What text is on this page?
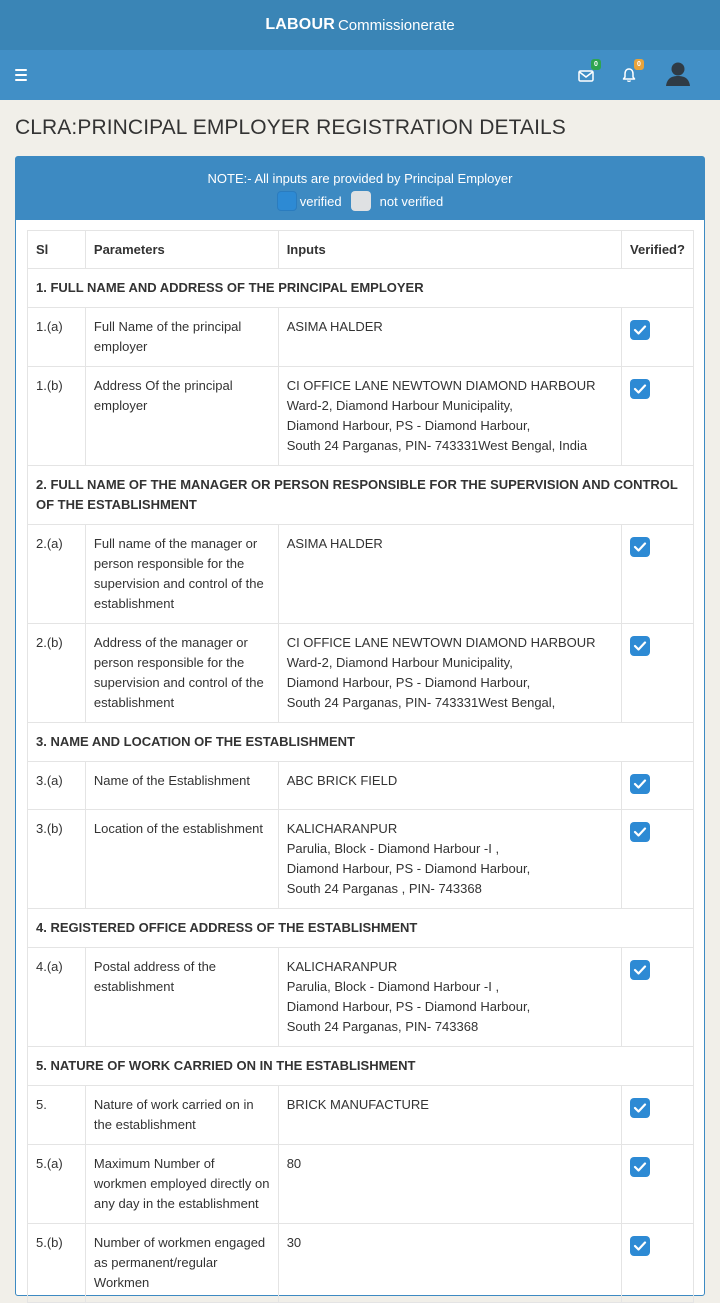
LABOUR Commissionerate
0	0
CLRA:PRINCIPAL EMPLOYER REGISTRATION DETAILS
NOTE:- All inputs are provided by Principal Employer
verified	not verified
Sl	Parameters	Inputs	Verified?
1. FULL NAME AND ADDRESS OF THE PRINCIPAL EMPLOYER			
1.(a)	Full Name of the principal employer	ASIMA HALDER

1.(b)	Address Of the principal employer	CI OFFICE LANE NEWTOWN DIAMOND HARBOUR
Ward-2, Diamond Harbour Municipality,
Diamond Harbour, PS - Diamond Harbour,
South 24 Parganas, PIN- 743331West Bengal, India

2. FULL NAME OF THE MANAGER OR PERSON RESPONSIBLE FOR THE SUPERVISION AND CONTROL OF THE ESTABLISHMENT			
2.(a)	Full name of the manager or person responsible for the supervision and control of the establishment	ASIMA HALDER

2.(b)	Address of the manager or person responsible for the supervision and control of the establishment	CI OFFICE LANE NEWTOWN DIAMOND HARBOUR
Ward-2, Diamond Harbour Municipality,
Diamond Harbour, PS - Diamond Harbour,
South 24 Parganas, PIN- 743331West Bengal,

3. NAME AND LOCATION OF THE ESTABLISHMENT			
3.(a)	Name of the Establishment	ABC BRICK FIELD

3.(b)	Location of the establishment	KALICHARANPUR
Parulia, Block - Diamond Harbour -I ,
Diamond Harbour, PS - Diamond Harbour,
South 24 Parganas , PIN- 743368

4. REGISTERED OFFICE ADDRESS OF THE ESTABLISHMENT			
4.(a)	Postal address of the establishment	KALICHARANPUR
Parulia, Block - Diamond Harbour -I ,
Diamond Harbour, PS - Diamond Harbour,
South 24 Parganas, PIN- 743368

5. NATURE OF WORK CARRIED ON IN THE ESTABLISHMENT			
5.	Nature of work carried on in the establishment	BRICK MANUFACTURE

5.(a)	Maximum Number of workmen employed directly on any day in the establishment	80

5.(b)	Number of workmen engaged as permanent/regular Workmen	30
